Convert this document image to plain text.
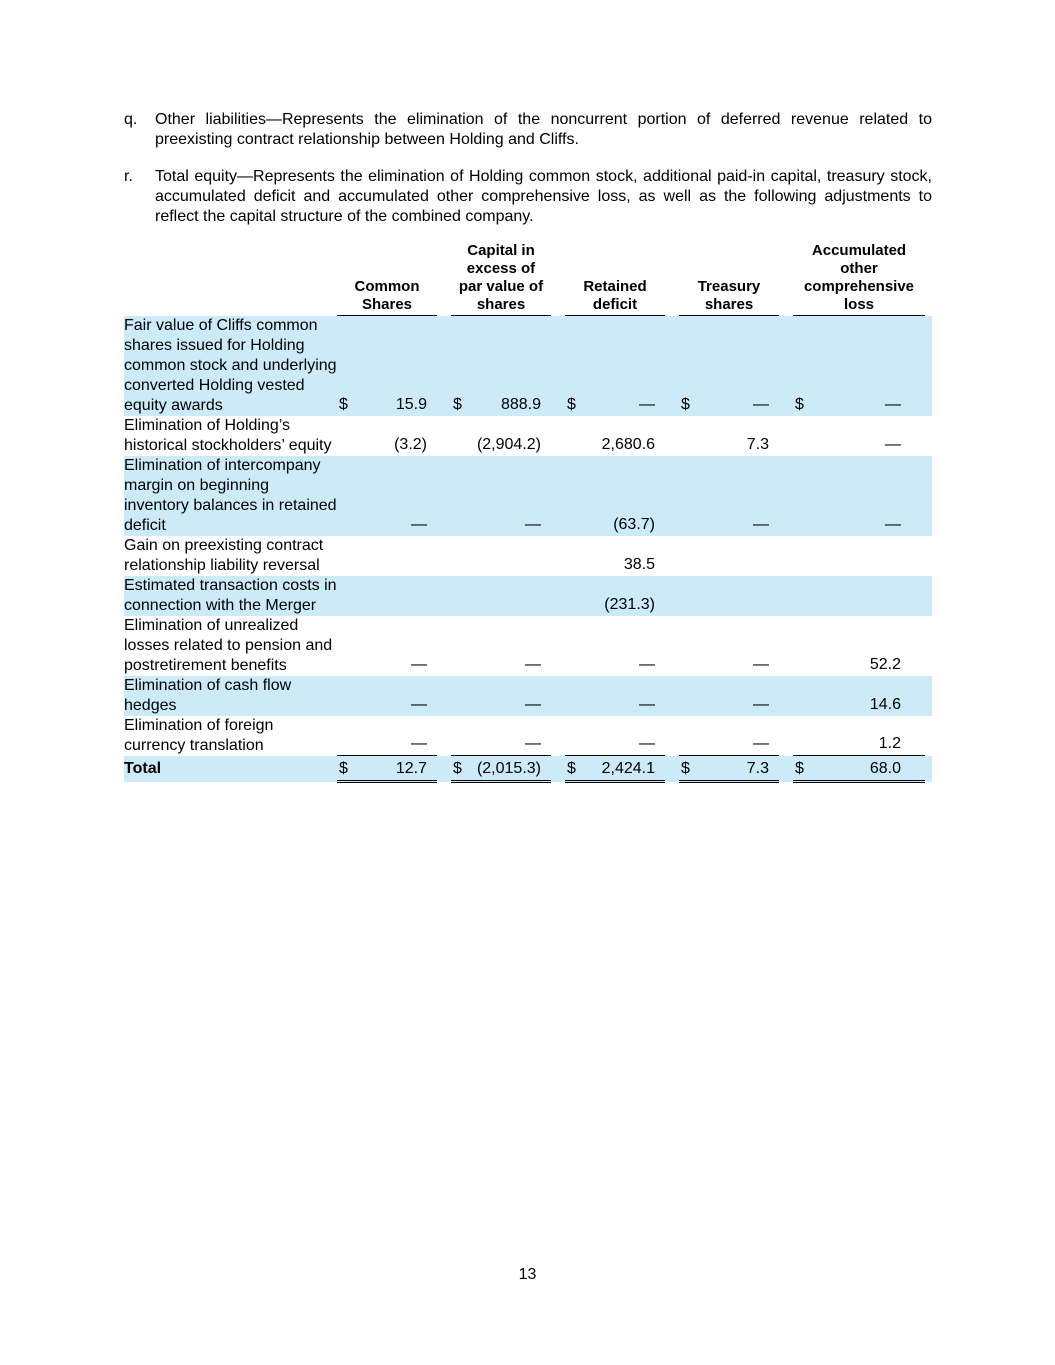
q. Other liabilities—Represents the elimination of the noncurrent portion of deferred revenue related to preexisting contract relationship between Holding and Cliffs.
r. Total equity—Represents the elimination of Holding common stock, additional paid-in capital, treasury stock, accumulated deficit and accumulated other comprehensive loss, as well as the following adjustments to reflect the capital structure of the combined company.

	Common Shares		Capital in excess of par value of shares		Retained deficit		Treasury shares		Accumulated other comprehensive loss	

Fair value of Cliffs common shares issued for Holding common stock and underlying converted Holding vested equity awards	$ 15.9		$ 888.9		$ —		$ —		$ —	

Elimination of Holding’s historical stockholders’ equity	(3.2)		(2,904.2)		2,680.6		7.3		—	

Elimination of intercompany margin on beginning inventory balances in retained deficit	—		—		(63.7)		—		—	

Gain on preexisting contract relationship liability reversal					38.5					

Estimated transaction costs in connection with the Merger					(231.3)					

Elimination of unrealized losses related to pension and postretirement benefits	—		—		—		—		52.2	

Elimination of cash flow hedges	—		—		—		—		14.6	

Elimination of foreign currency translation	—		—		—		—		1.2	

Total	$ 12.7		$ (2,015.3)		$ 2,424.1		$ 7.3		$ 68.0	

13
